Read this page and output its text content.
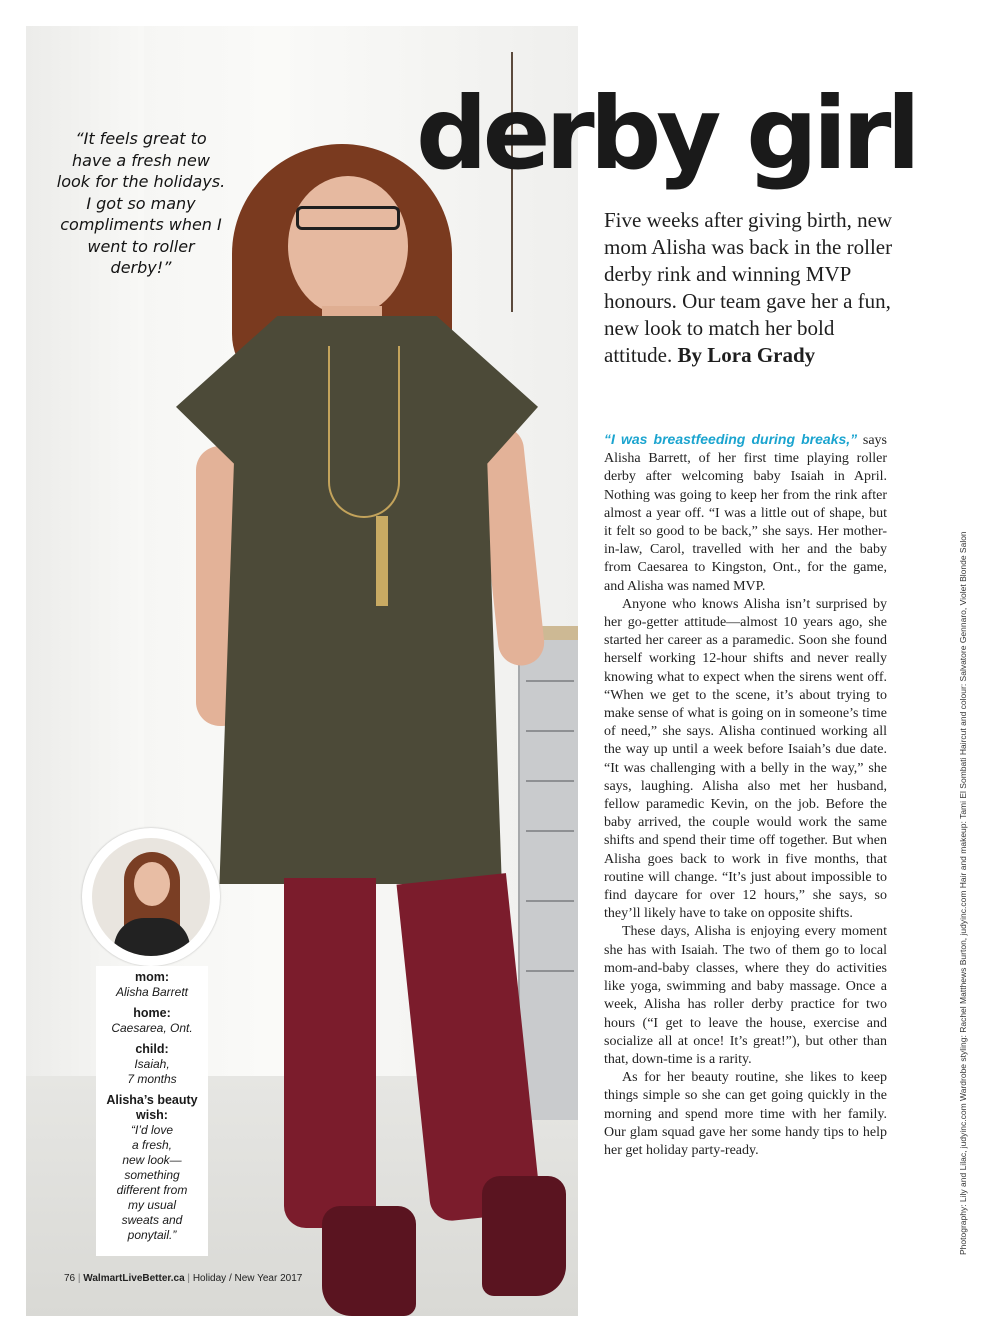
“It feels great to have a fresh new look for the holidays. I got so many compliments when I went to roller derby!”
mom:
Alisha Barrett
home:
Caesarea, Ont.
child:
Isaiah,
7 months
Alisha’s beauty wish:
“I’d love
a fresh,
new look—
something
different from
my usual
sweats and
ponytail.”
76 | WalmartLiveBetter.ca | Holiday / New Year 2017
derby girl

Five weeks after giving birth, new mom Alisha was back in the roller derby rink and winning MVP honours. Our team gave her a fun, new look to match her bold attitude. By Lora Grady

“I was breastfeeding during breaks,” says Alisha Barrett, of her first time playing roller derby after welcoming baby Isaiah in April. Nothing was going to keep her from the rink after almost a year off. “I was a little out of shape, but it felt so good to be back,” she says. Her mother-in-law, Carol, travelled with her and the baby from Caesarea to Kingston, Ont., for the game, and Alisha was named MVP.

Anyone who knows Alisha isn’t surprised by her go-getter attitude—almost 10 years ago, she started her career as a paramedic. Soon she found herself working 12-hour shifts and never really knowing what to expect when the sirens went off. “When we get to the scene, it’s about trying to make sense of what is going on in someone’s time of need,” she says. Alisha continued working all the way up until a week before Isaiah’s due date. “It was challenging with a belly in the way,” she says, laughing. Alisha also met her husband, fellow paramedic Kevin, on the job. Before the baby arrived, the couple would work the same shifts and spend their time off together. But when Alisha goes back to work in five months, that routine will change. “It’s just about impossible to find daycare for over 12 hours,” she says, so they’ll likely have to take on opposite shifts.

These days, Alisha is enjoying every moment she has with Isaiah. The two of them go to local mom-and-baby classes, where they do activities like yoga, swimming and baby massage. Once a week, Alisha has roller derby practice for two hours (“I get to leave the house, exercise and socialize all at once! It’s great!”), but other than that, down-time is a rarity.

As for her beauty routine, she likes to keep things simple so she can get going quickly in the morning and spend more time with her family. Our glam squad gave her some handy tips to help her get holiday party-ready.	Photography: Lily and Lilac, judyinc.com Wardrobe styling: Rachel Matthews Burton, judyinc.com Hair and makeup: Tami El Sombati Haircut and colour: Salvatore Gennaro, Violet Blonde Salon
